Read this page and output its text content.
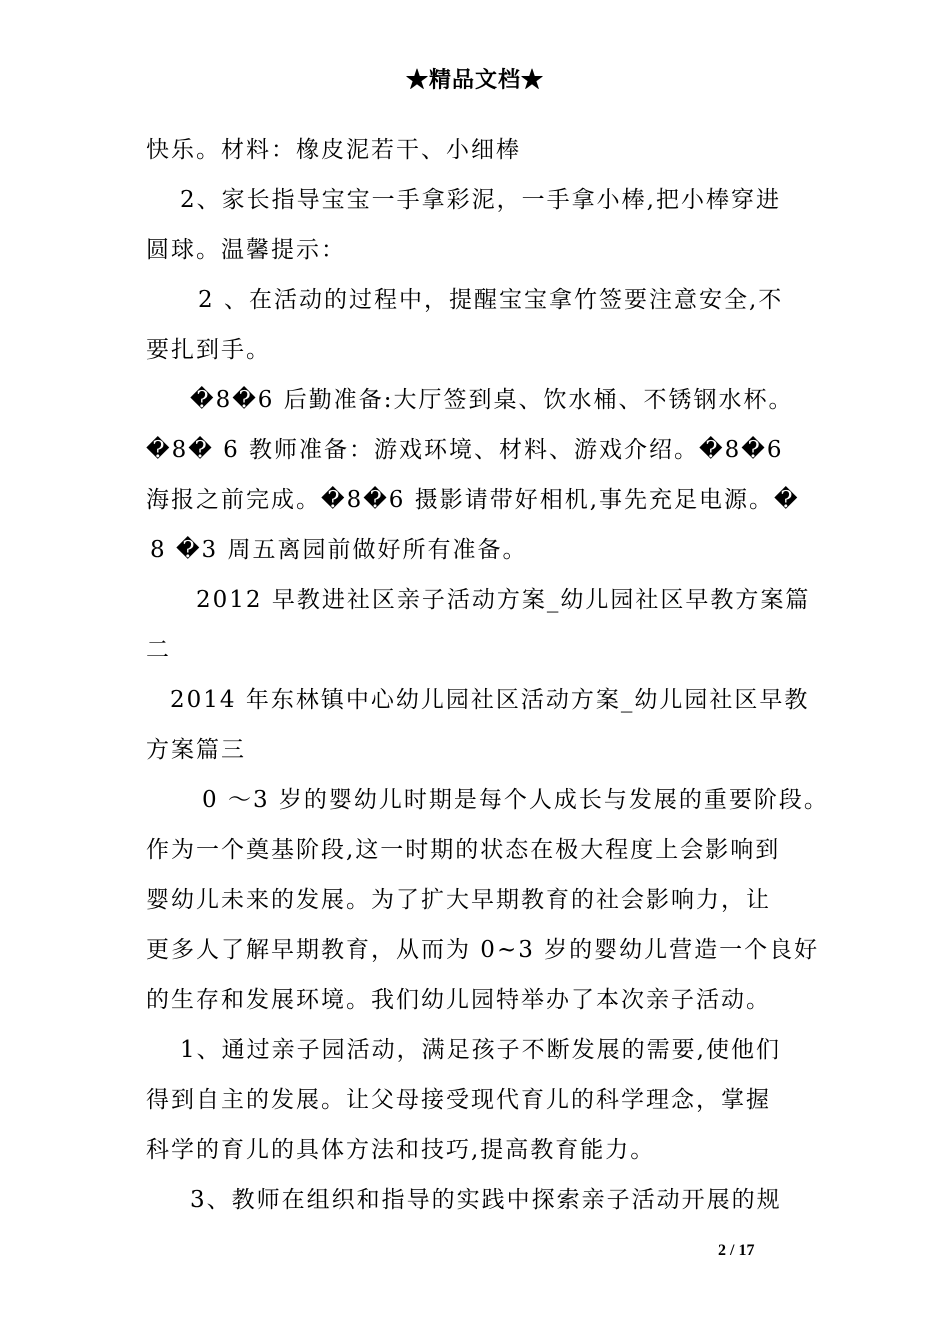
★精品文档★
快乐。材料：橡皮泥若干、小细棒
2、家长指导宝宝一手拿彩泥，一手拿小棒,把小棒穿进
圆球。温馨提示：
2 、在活动的过程中，提醒宝宝拿竹签要注意安全,不
要扎到手。
�8�6 后勤准备:大厅签到桌、饮水桶、不锈钢水杯。
�8� 6 教师准备：游戏环境、材料、游戏介绍。�8�6
海报之前完成。�8�6 摄影请带好相机,事先充足电源。�
8 �3 周五离园前做好所有准备。
2012 早教进社区亲子活动方案_幼儿园社区早教方案篇
二
2014 年东林镇中心幼儿园社区活动方案_幼儿园社区早教
方案篇三
0 ～3 岁的婴幼儿时期是每个人成长与发展的重要阶段。
作为一个奠基阶段,这一时期的状态在极大程度上会影响到
婴幼儿未来的发展。为了扩大早期教育的社会影响力，让
更多人了解早期教育，从而为 0~3 岁的婴幼儿营造一个良好
的生存和发展环境。我们幼儿园特举办了本次亲子活动。
1、通过亲子园活动，满足孩子不断发展的需要,使他们
得到自主的发展。让父母接受现代育儿的科学理念，掌握
科学的育儿的具体方法和技巧,提高教育能力。
3、教师在组织和指导的实践中探索亲子活动开展的规
2 / 17
